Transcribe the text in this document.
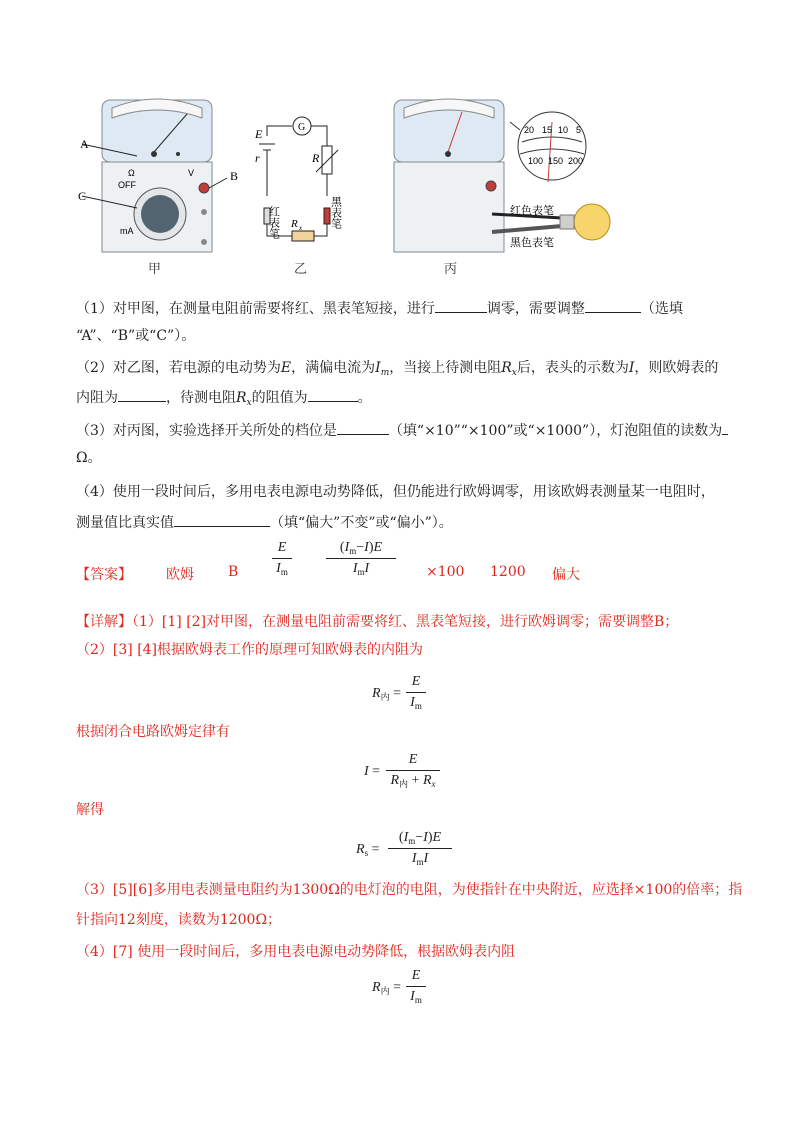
A
C
B
Ω
OFF
mA
V
G
E
r	R
红表笔	黑表笔
R x
20 15 10 5
100 150 200
红色表笔
黑色表笔
甲	乙	丙
（1）对甲图，在测量电阻前需要将红、黑表笔短接，进行	调零，需要调整	（选填
“A”、“B”或“C”）。
（2）对乙图，若电源的电动势为E，满偏电流为$I_m$，当接上待测电阻$R_x$后，表头的示数为I，则欧姆表的
内阻为	，待测电阻$R_x$的阻值为	。
（3）对丙图，实验选择开关所处的档位是	（填“×10”“×100”或“×1000”），灯泡阻值的读数为
Ω。
（4）使用一段时间后，多用电表电源电动势降低，但仍能进行欧姆调零，用该欧姆表测量某一电阻时，
测量值比真实值	（填“偏大”不变”或“偏小”）。
【答案】 欧姆 B
E
$I_m$
$(I_m-I)E$
$I_mI$	×100 1200 偏大
【详解】（1）[1] [2]对甲图，在测量电阻前需要将红、黑表笔短接，进行欧姆调零；需要调整B；
（2）[3] [4]根据欧姆表工作的原理可知欧姆表的内阻为
$R_内$ =
E
$I_m$
根据闭合电路欧姆定律有
I =
E
$R_内 + R_x$
解得
$R_s$ =
$(I_m-I)E$
$I_mI$
（3）[5][6]多用电表测量电阻约为1300Ω的电灯泡的电阻，为使指针在中央附近，应选择×100的倍率；指
针指向12刻度，读数为1200Ω；
（4）[7] 使用一段时间后，多用电表电源电动势降低，根据欧姆表内阻
$R_内$ =
E
$I_m$
